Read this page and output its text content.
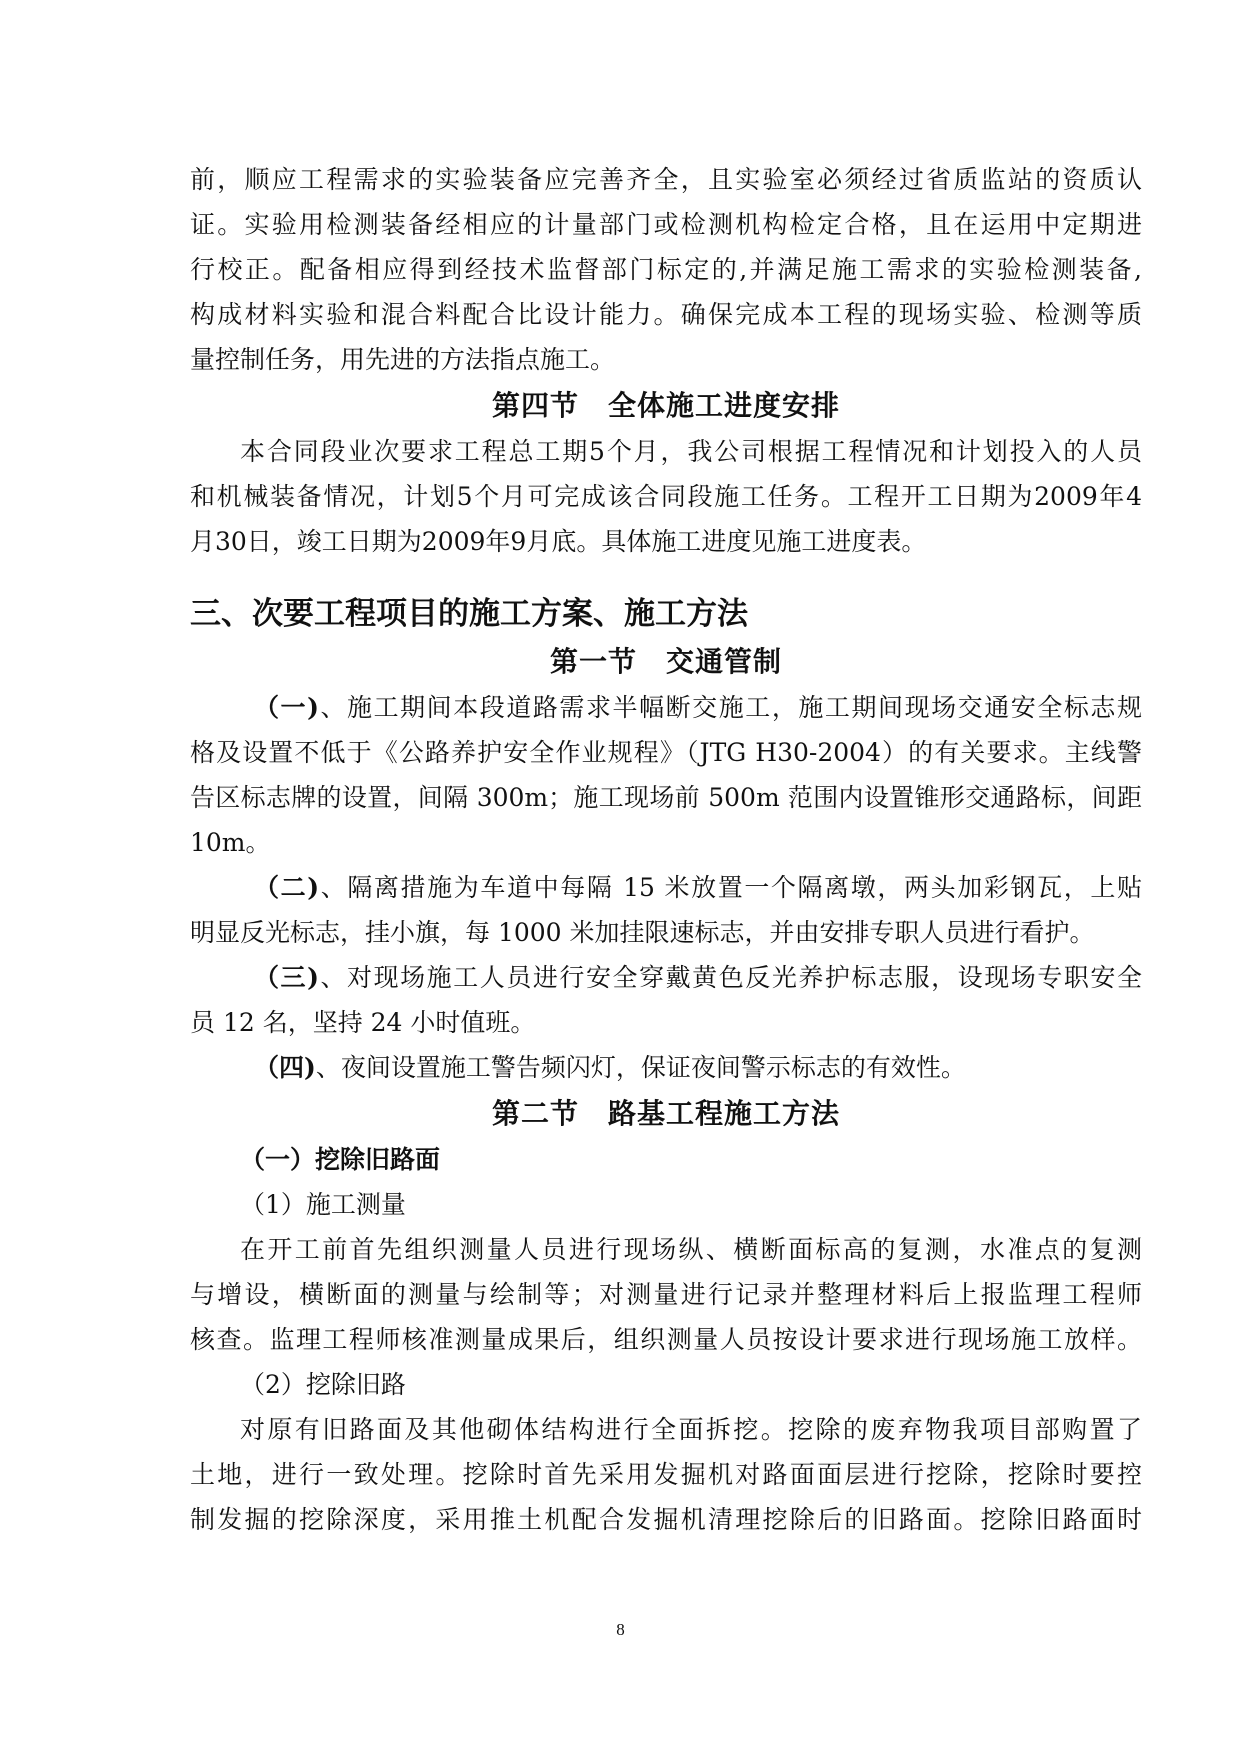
前，顺应工程需求的实验装备应完善齐全，且实验室必须经过省质监站的资质认
证。实验用检测装备经相应的计量部门或检测机构检定合格，且在运用中定期进
行校正。配备相应得到经技术监督部门标定的,并满足施工需求的实验检测装备,
构成材料实验和混合料配合比设计能力。确保完成本工程的现场实验、检测等质
量控制任务，用先进的方法指点施工。
第四节　全体施工进度安排
本合同段业次要求工程总工期5个月，我公司根据工程情况和计划投入的人员
和机械装备情况，计划5个月可完成该合同段施工任务。工程开工日期为2009年4
月30日，竣工日期为2009年9月底。具体施工进度见施工进度表。
三、次要工程项目的施工方案、施工方法
第一节　交通管制
（一)、施工期间本段道路需求半幅断交施工，施工期间现场交通安全标志规
格及设置不低于《公路养护安全作业规程》（JTG H30-2004）的有关要求。主线警
告区标志牌的设置，间隔 300m；施工现场前 500m 范围内设置锥形交通路标，间距
10m。
（二)、隔离措施为车道中每隔 15 米放置一个隔离墩，两头加彩钢瓦，上贴
明显反光标志，挂小旗，每 1000 米加挂限速标志，并由安排专职人员进行看护。
（三)、对现场施工人员进行安全穿戴黄色反光养护标志服，设现场专职安全
员 12 名，坚持 24 小时值班。
（四)、夜间设置施工警告频闪灯，保证夜间警示标志的有效性。
第二节　路基工程施工方法
（一）挖除旧路面
（1）施工测量
在开工前首先组织测量人员进行现场纵、横断面标高的复测，水准点的复测
与增设，横断面的测量与绘制等；对测量进行记录并整理材料后上报监理工程师
核查。监理工程师核准测量成果后，组织测量人员按设计要求进行现场施工放样。
（2）挖除旧路
对原有旧路面及其他砌体结构进行全面拆挖。挖除的废弃物我项目部购置了
土地，进行一致处理。挖除时首先采用发掘机对路面面层进行挖除，挖除时要控
制发掘的挖除深度，采用推土机配合发掘机清理挖除后的旧路面。挖除旧路面时
8
